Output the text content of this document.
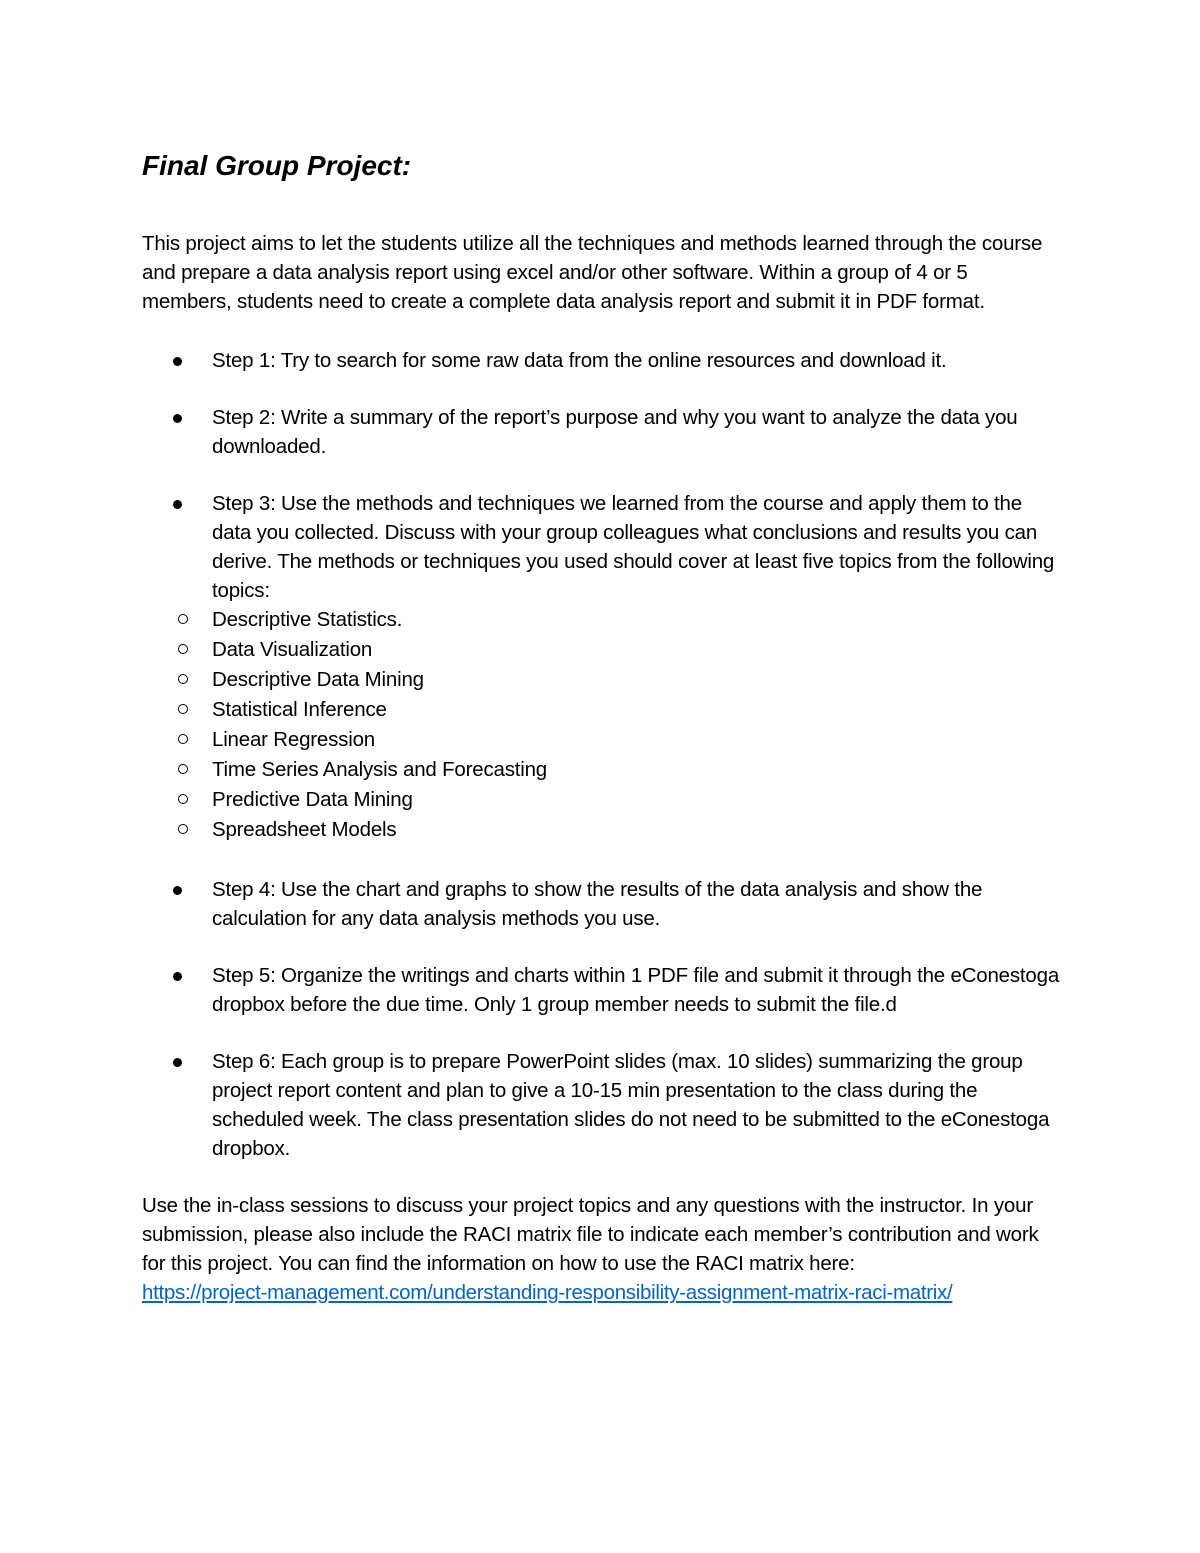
Final Group Project:
This project aims to let the students utilize all the techniques and methods learned through the course and prepare a data analysis report using excel and/or other software. Within a group of 4 or 5 members, students need to create a complete data analysis report and submit it in PDF format.
Step 1: Try to search for some raw data from the online resources and download it.
Step 2: Write a summary of the report’s purpose and why you want to analyze the data you downloaded.
Step 3: Use the methods and techniques we learned from the course and apply them to the data you collected. Discuss with your group colleagues what conclusions and results you can derive. The methods or techniques you used should cover at least five topics from the following topics:
Descriptive Statistics.
Data Visualization
Descriptive Data Mining
Statistical Inference
Linear Regression
Time Series Analysis and Forecasting
Predictive Data Mining
Spreadsheet Models
Step 4: Use the chart and graphs to show the results of the data analysis and show the calculation for any data analysis methods you use.
Step 5: Organize the writings and charts within 1 PDF file and submit it through the eConestoga dropbox before the due time. Only 1 group member needs to submit the file.d
Step 6: Each group is to prepare PowerPoint slides (max. 10 slides) summarizing the group project report content and plan to give a 10-15 min presentation to the class during the scheduled week. The class presentation slides do not need to be submitted to the eConestoga dropbox.
Use the in-class sessions to discuss your project topics and any questions with the instructor. In your submission, please also include the RACI matrix file to indicate each member’s contribution and work for this project. You can find the information on how to use the RACI matrix here:
https://project-management.com/understanding-responsibility-assignment-matrix-raci-matrix/
